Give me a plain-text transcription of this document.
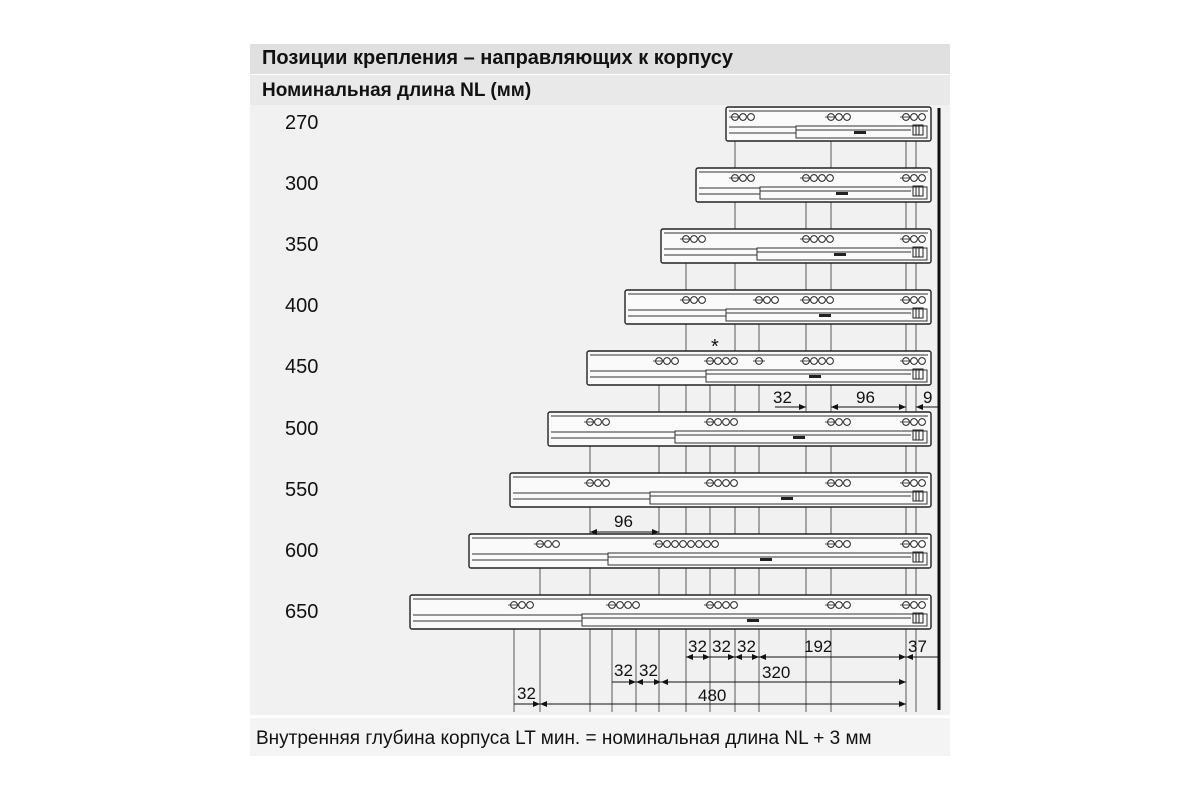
Позиции крепления – направляющих к корпусу
Номинальная длина NL (мм)
270
300
350
400
450
500
550
600
650
*
32	96	9
96
32 32 32	192	37
32 32	320
32	480
Внутренняя глубина корпуса LT мин. = номинальная длина NL + 3 мм
